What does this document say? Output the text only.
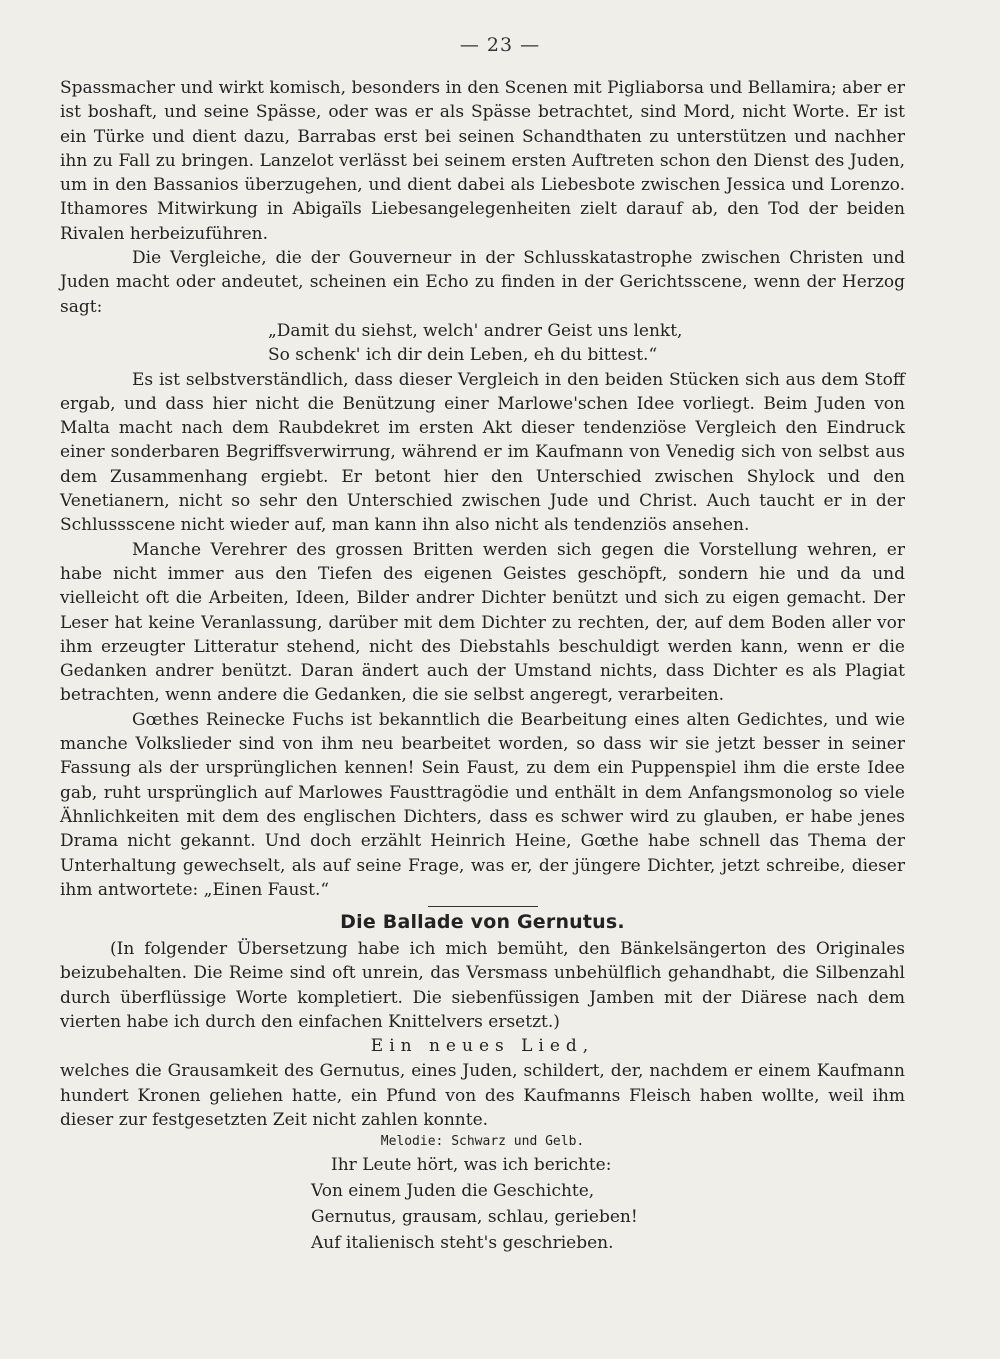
— 23 —

Spassmacher und wirkt komisch, besonders in den Scenen mit Pigliaborsa und Bellamira; aber er ist boshaft, und seine Spässe, oder was er als Spässe betrachtet, sind Mord, nicht Worte. Er ist ein Türke und dient dazu, Barrabas erst bei seinen Schandthaten zu unterstützen und nachher ihn zu Fall zu bringen. Lanzelot verlässt bei seinem ersten Auftreten schon den Dienst des Juden, um in den Bassanios überzugehen, und dient dabei als Liebesbote zwischen Jessica und Lorenzo. Ithamores Mitwirkung in Abigaïls Liebesangelegenheiten zielt darauf ab, den Tod der beiden Rivalen herbeizuführen.

Die Vergleiche, die der Gouverneur in der Schlusskatastrophe zwischen Christen und Juden macht oder andeutet, scheinen ein Echo zu finden in der Gerichtsscene, wenn der Herzog sagt:

„Damit du siehst, welch' andrer Geist uns lenkt,
So schenk' ich dir dein Leben, eh du bittest.“

Es ist selbstverständlich, dass dieser Vergleich in den beiden Stücken sich aus dem Stoff ergab, und dass hier nicht die Benützung einer Marlowe'schen Idee vorliegt. Beim Juden von Malta macht nach dem Raubdekret im ersten Akt dieser tendenziöse Vergleich den Eindruck einer sonderbaren Begriffsverwirrung, während er im Kaufmann von Venedig sich von selbst aus dem Zusammenhang ergiebt. Er betont hier den Unterschied zwischen Shylock und den Venetianern, nicht so sehr den Unterschied zwischen Jude und Christ. Auch taucht er in der Schlussscene nicht wieder auf, man kann ihn also nicht als tendenziös ansehen.

Manche Verehrer des grossen Britten werden sich gegen die Vorstellung wehren, er habe nicht immer aus den Tiefen des eigenen Geistes geschöpft, sondern hie und da und vielleicht oft die Arbeiten, Ideen, Bilder andrer Dichter benützt und sich zu eigen gemacht. Der Leser hat keine Veranlassung, darüber mit dem Dichter zu rechten, der, auf dem Boden aller vor ihm erzeugter Litteratur stehend, nicht des Diebstahls beschuldigt werden kann, wenn er die Gedanken andrer benützt. Daran ändert auch der Umstand nichts, dass Dichter es als Plagiat betrachten, wenn andere die Gedanken, die sie selbst angeregt, verarbeiten.

Gœthes Reinecke Fuchs ist bekanntlich die Bearbeitung eines alten Gedichtes, und wie manche Volkslieder sind von ihm neu bearbeitet worden, so dass wir sie jetzt besser in seiner Fassung als der ursprünglichen kennen! Sein Faust, zu dem ein Puppenspiel ihm die erste Idee gab, ruht ursprünglich auf Marlowes Fausttragödie und enthält in dem Anfangsmonolog so viele Ähnlichkeiten mit dem des englischen Dichters, dass es schwer wird zu glauben, er habe jenes Drama nicht gekannt. Und doch erzählt Heinrich Heine, Gœthe habe schnell das Thema der Unterhaltung gewechselt, als auf seine Frage, was er, der jüngere Dichter, jetzt schreibe, dieser ihm antwortete: „Einen Faust.“

Die Ballade von Gernutus.

(In folgender Übersetzung habe ich mich bemüht, den Bänkelsängerton des Originales beizubehalten. Die Reime sind oft unrein, das Versmass unbehülflich gehandhabt, die Silbenzahl durch überflüssige Worte kompletiert. Die siebenfüssigen Jamben mit der Diärese nach dem vierten habe ich durch den einfachen Knittelvers ersetzt.)

Ein neues Lied,

welches die Grausamkeit des Gernutus, eines Juden, schildert, der, nachdem er einem Kaufmann hundert Kronen geliehen hatte, ein Pfund von des Kaufmanns Fleisch haben wollte, weil ihm dieser zur festgesetzten Zeit nicht zahlen konnte.

Melodie: Schwarz und Gelb.
Ihr Leute hört, was ich berichte:
Von einem Juden die Geschichte,
Gernutus, grausam, schlau, gerieben!
Auf italienisch steht's geschrieben.
